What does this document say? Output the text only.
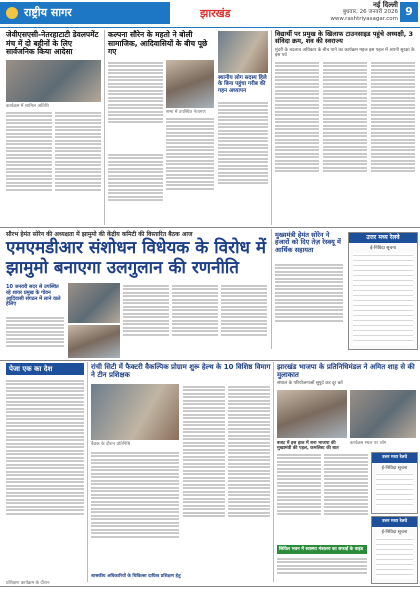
राष्ट्रीय सागर	झारखंड
नई दिल्ली
बुधवार, 26 जनवरी 2026
www.rashtriyasagar.com
9
जेवीएसएसी-नेतरहाटाटी डेवलपमेंट मंच में दो बहीनों के लिए सार्वजनिक किया आदेसा
कार्यक्रम में शामिल अतिथि
कल्पना सौरेन के महतो ने बोली सामाजिक, आदिवासियों के बीच पूछे गए
सभा में उपस्थित नेतागण
स्थानीय लोग सदस्य हिले के बिना पहुंचा गरीब की गहन अध्यापन
विद्यार्थी पर प्रमुख के खिलाफ टाउनसाइड पहुंचे अध्यक्षी, 3 संविदा क्रम, शव की स्वराज्य
मुंदरी के बदलाव अधिकार के बीच पाने का कार्यक्रम महज इस पहल में अपनी सुरक्षा के इस पर्व
सौरभ हेमंत सोरेन की अध्यक्षता में झामुमो की केंद्रीय कमिटी की विस्तारित बैठक आज
एमएमडीआर संशोधन विधेयक के विरोध में झामुमो बनाएगा उलगुलान की रणनीति
10 जनवरी सदर से उपस्थित रहे शायर प्रमुख के गोवन आदिवासी संगठन में लाने वाले हेलिए
मुख्यमंत्री हेमंत सोरेन ने हजारों को दिए तेज़ रेस्क्यू में आर्थिक सहायता
उत्तर मध्य रेलवे
ई-निविदा सूचना
पेजा एक का देश	रांची सिटी में फैक्टरी वैकल्पिक प्रोग्राम शुरू हेल्थ के 10 विशिष्ठ विमाग ने टीन प्रशिक्षक
बैठक के दौरान प्रतिनिधि
झारखंड भाजपा के प्रतिनिधिमंडल ने अमित शाह से की मुलाकात
संथाल के परियोजनाओं सुपुर्द कर दूर करे
बजट में इस हाल में बना भाजपा की मुख्यमंत्री की पहल, कमलिस्ट की बात
कार्यक्रम स्थल पर लोग
उत्तर मध्य रेलवे
ई-निविदा सूचना
उत्तर मध्य रेलवे
ई-निविदा सूचना
सिविल भवन में स्वास्थ्य मंत्रालय का सफाई के वाइंड
शासकीय अधिकारियों के चिकित्सा दायित्व प्रशिक्षण हेतु
प्रशिक्षण कार्यक्रम के दौरान
